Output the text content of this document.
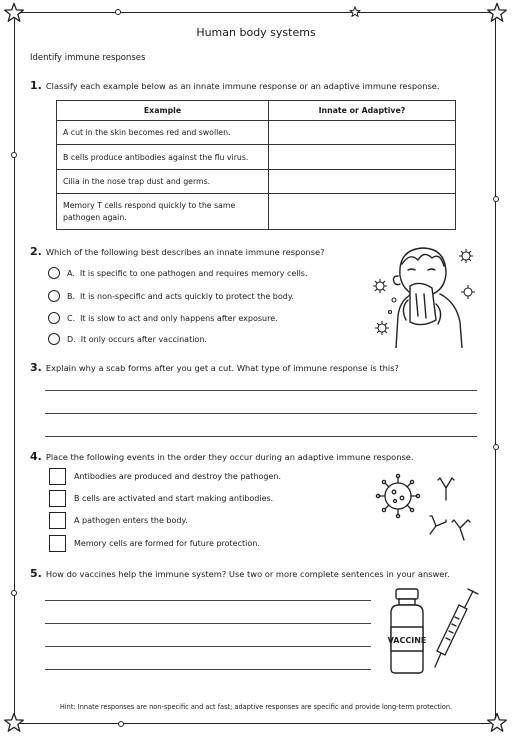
Human body systems
Identify immune responses
1. Classify each example below as an innate immune response or an adaptive immune response.
Example	Innate or Adaptive?
A cut in the skin becomes red and swollen.	
B cells produce antibodies against the flu virus.	
Cilia in the nose trap dust and germs.	
Memory T cells respond quickly to the same pathogen again.	
2. Which of the following best describes an innate immune response?
A. It is specific to one pathogen and requires memory cells.
B. It is non-specific and acts quickly to protect the body.
C. It is slow to act and only happens after exposure.
D. It only occurs after vaccination.
3. Explain why a scab forms after you get a cut. What type of immune response is this?
4. Place the following events in the order they occur during an adaptive immune response.
Antibodies are produced and destroy the pathogen.
B cells are activated and start making antibodies.
A pathogen enters the body.
Memory cells are formed for future protection.
5. How do vaccines help the immune system? Use two or more complete sentences in your answer.
VACCINE
Hint: Innate responses are non-specific and act fast; adaptive responses are specific and provide long-term protection.
